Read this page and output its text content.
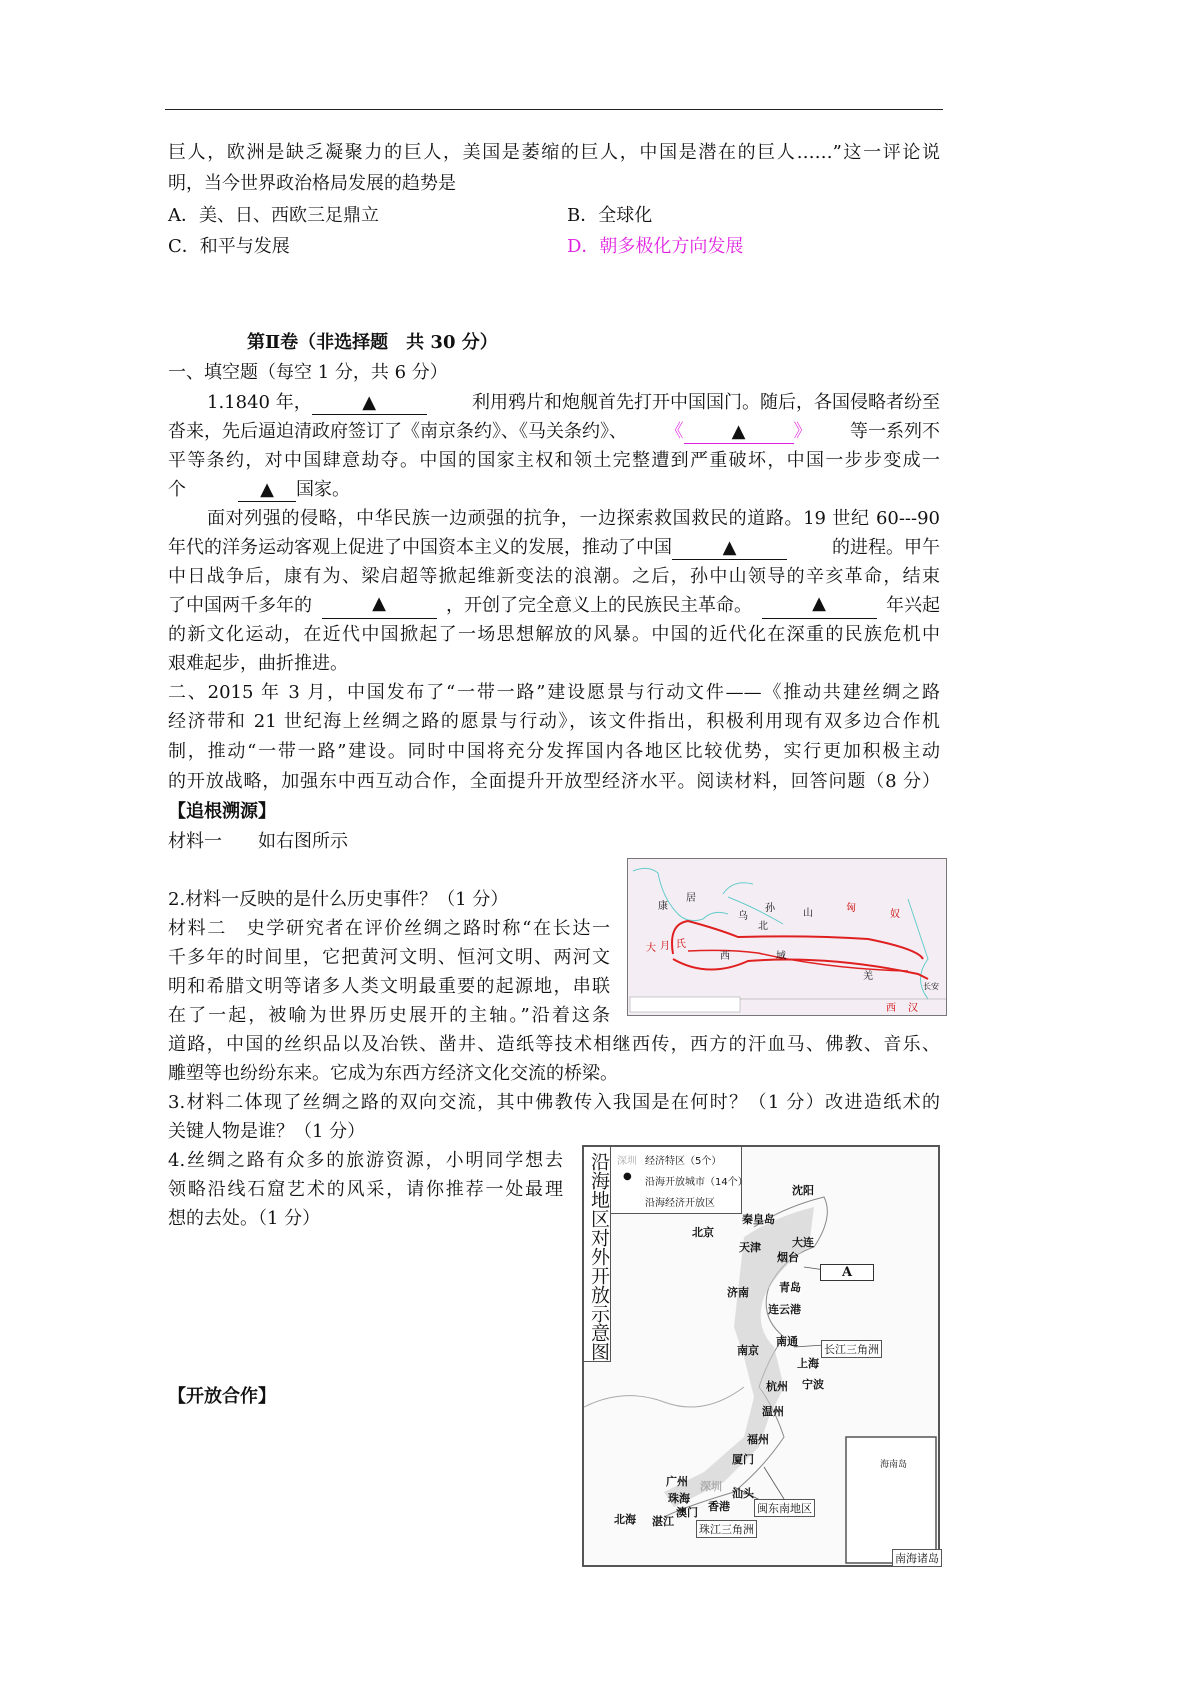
巨人，欧洲是缺乏凝聚力的巨人，美国是萎缩的巨人，中国是潜在的巨人……”这一评论说
明，当今世界政治格局发展的趋势是
A．美、日、西欧三足鼎立	B．全球化
C．和平与发展	D．朝多极化方向发展
第Ⅱ卷（非选择题　共 30 分）
一、填空题（每空 1 分，共 6 分）
1.1840 年，	▲	利用鸦片和炮舰首先打开中国国门。随后，各国侵略者纷至
沓来，先后逼迫清政府签订了《南京条约》、《马关条约》、 《	▲	》 等一系列不
平等条约，对中国肆意劫夺。中国的国家主权和领土完整遭到严重破坏，中国一步步变成一
个	▲ 国家。
面对列强的侵略，中华民族一边顽强的抗争，一边探索救国救民的道路。19 世纪 60---90
年代的洋务运动客观上促进了中国资本主义的发展，推动了中国	▲	的进程。甲午
中日战争后，康有为、梁启超等掀起维新变法的浪潮。之后，孙中山领导的辛亥革命，结束
了中国两千多年的	▲	，开创了完全意义上的民族民主革命。	▲	年兴起
的新文化运动，在近代中国掀起了一场思想解放的风暴。中国的近代化在深重的民族危机中
艰难起步，曲折推进。
二、2015 年 3 月，中国发布了“一带一路”建设愿景与行动文件——《推动共建丝绸之路
经济带和 21 世纪海上丝绸之路的愿景与行动》，该文件指出，积极利用现有双多边合作机
制，推动“一带一路”建设。同时中国将充分发挥国内各地区比较优势，实行更加积极主动
的开放战略，加强东中西互动合作，全面提升开放型经济水平。阅读材料，回答问题（8 分）
【追根溯源】
材料一　　如右图所示
2.材料一反映的是什么历史事件？（1 分）
材料二　史学研究者在评价丝绸之路时称“在长达一
千多年的时间里，它把黄河文明、恒河文明、两河文
明和希腊文明等诸多人类文明最重要的起源地，串联
在了一起，被喻为世界历史展开的主轴。”沿着这条
道路，中国的丝织品以及冶铁、凿井、造纸等技术相继西传，西方的汗血马、佛教、音乐、
雕塑等也纷纷东来。它成为东西方经济文化交流的桥梁。
3.材料二体现了丝绸之路的双向交流，其中佛教传入我国是在何时？（1 分）改进造纸术的
关键人物是谁？（1 分）
4.丝绸之路有众多的旅游资源，小明同学想去
领略沿线石窟艺术的风采，请你推荐一处最理
想的去处。（1 分）
【开放合作】
康
居
乌
孙
北
山	匈
奴
大 月 氏
西	域
羌
长安
西 汉
沿海地区对外开放示意图 深圳 经济特区（5个）
●
沿海开放城市（14个）
沿海经济开放区
沈阳
秦皇岛
北京
天津	大连
烟台
青岛
济南
连云港
南通
南京
上海
杭州 宁波
温州
福州
厦门
广州 深圳
珠海
澳门 香港
汕头
北海 湛江
A
长江三角洲
闽东南地区
珠江三角洲
南海诸岛
海南岛
